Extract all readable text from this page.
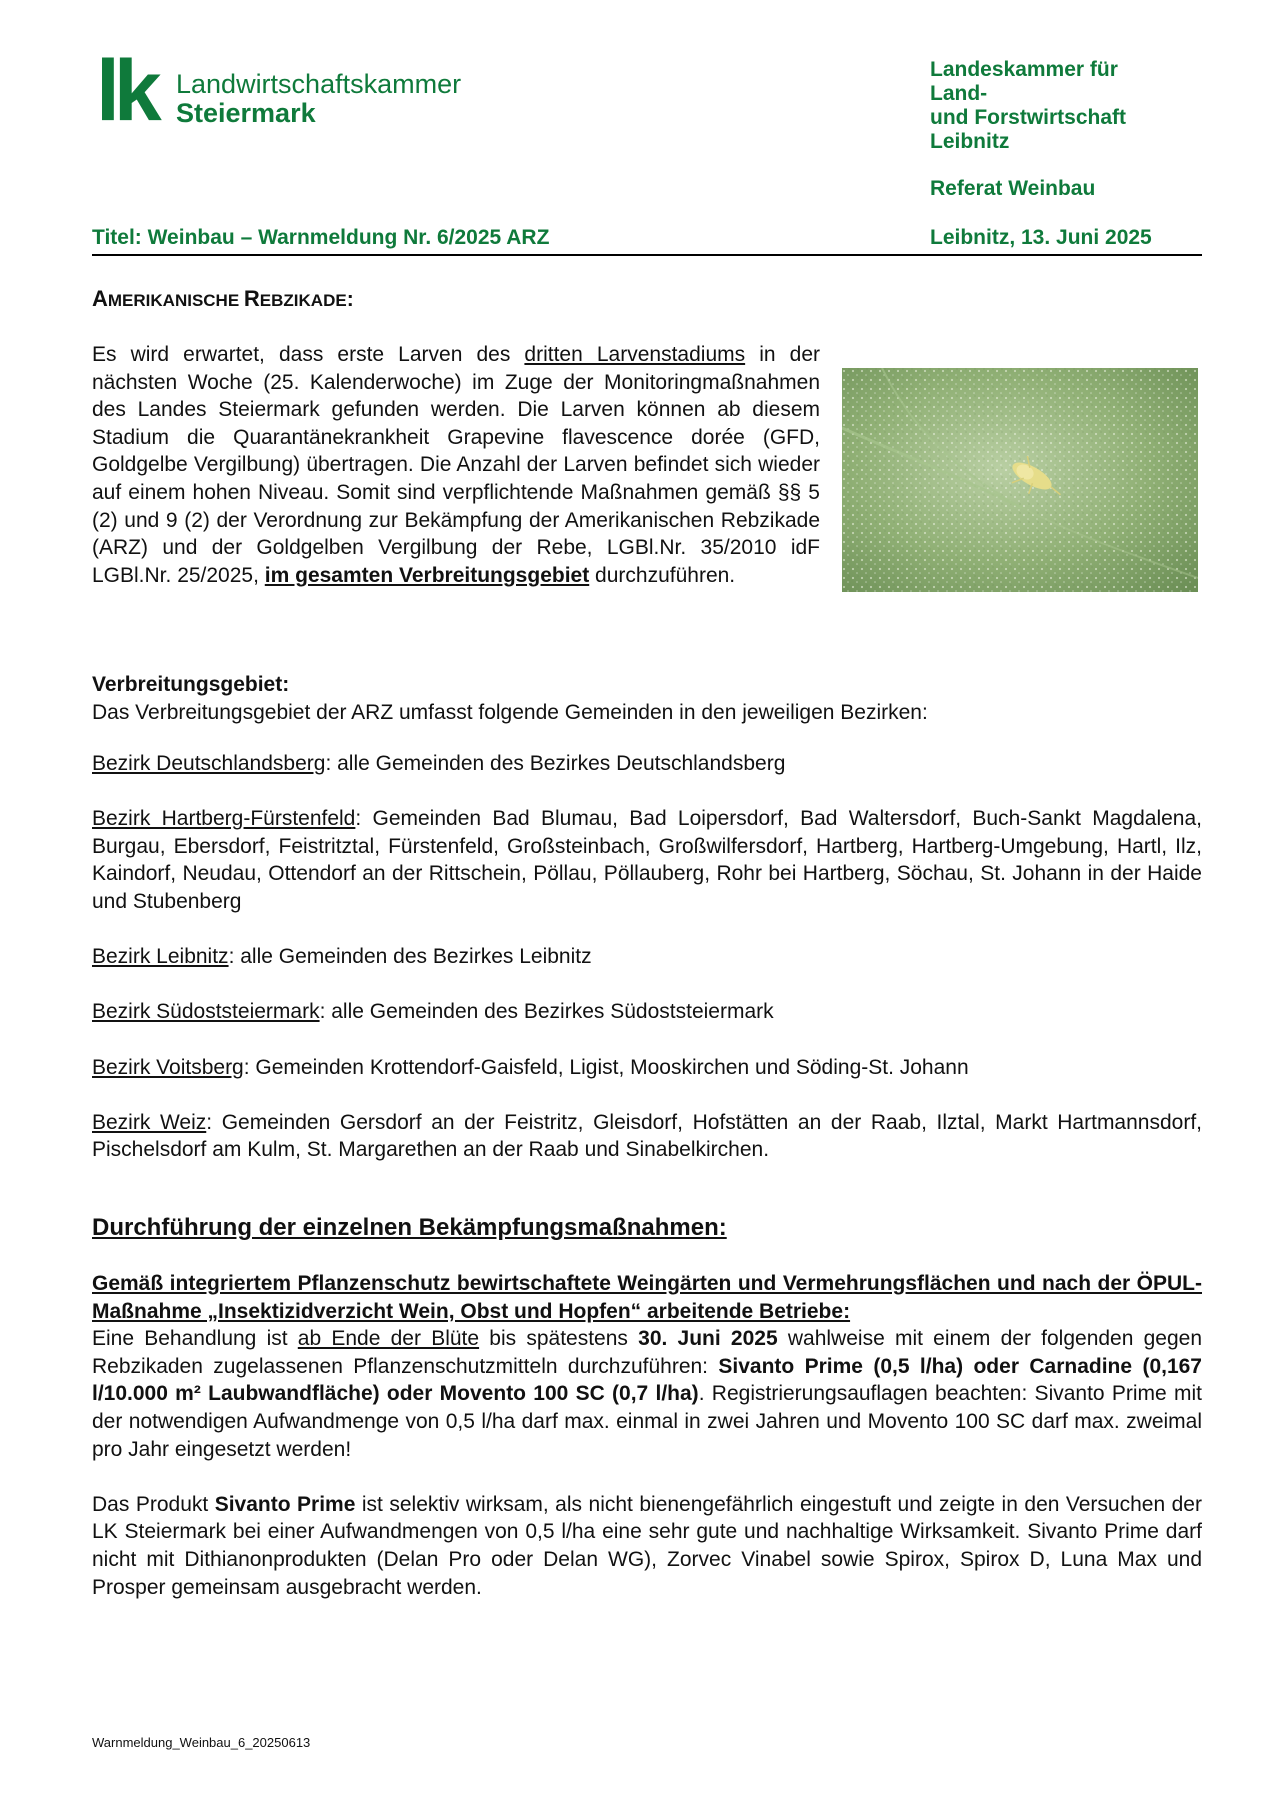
lk Landwirtschaftskammer
Steiermark
Landeskammer für
Land-
und Forstwirtschaft
Leibnitz
Referat Weinbau
Titel: Weinbau – Warnmeldung Nr. 6/2025 ARZ	Leibnitz, 13. Juni 2025
AMERIKANISCHE REBZIKADE:
Es wird erwartet, dass erste Larven des dritten Larvenstadiums in der nächsten Woche (25. Kalenderwoche) im Zuge der Monitoringmaßnahmen des Landes Steiermark gefunden werden. Die Larven können ab diesem Stadium die Quarantänekrankheit Grapevine flavescence dorée (GFD, Goldgelbe Vergilbung) übertragen. Die Anzahl der Larven befindet sich wieder auf einem hohen Niveau. Somit sind verpflichtende Maßnahmen gemäß §§ 5 (2) und 9 (2) der Verordnung zur Bekämpfung der Amerikanischen Rebzikade (ARZ) und der Goldgelben Vergilbung der Rebe, LGBl.Nr. 35/2010 idF LGBl.Nr. 25/2025, im gesamten Verbreitungsgebiet durchzuführen.
Verbreitungsgebiet:
Das Verbreitungsgebiet der ARZ umfasst folgende Gemeinden in den jeweiligen Bezirken:
Bezirk Deutschlandsberg: alle Gemeinden des Bezirkes Deutschlandsberg
Bezirk Hartberg-Fürstenfeld: Gemeinden Bad Blumau, Bad Loipersdorf, Bad Waltersdorf, Buch-Sankt Magdalena, Burgau, Ebersdorf, Feistritztal, Fürstenfeld, Großsteinbach, Großwilfersdorf, Hartberg, Hartberg-Umgebung, Hartl, Ilz, Kaindorf, Neudau, Ottendorf an der Rittschein, Pöllau, Pöllauberg, Rohr bei Hartberg, Söchau, St. Johann in der Haide und Stubenberg
Bezirk Leibnitz: alle Gemeinden des Bezirkes Leibnitz
Bezirk Südoststeiermark: alle Gemeinden des Bezirkes Südoststeiermark
Bezirk Voitsberg: Gemeinden Krottendorf-Gaisfeld, Ligist, Mooskirchen und Söding-St. Johann
Bezirk Weiz: Gemeinden Gersdorf an der Feistritz, Gleisdorf, Hofstätten an der Raab, Ilztal, Markt Hartmannsdorf, Pischelsdorf am Kulm, St. Margarethen an der Raab und Sinabelkirchen.
Durchführung der einzelnen Bekämpfungsmaßnahmen:
Gemäß integriertem Pflanzenschutz bewirtschaftete Weingärten und Vermehrungsflächen und nach der ÖPUL-Maßnahme „Insektizidverzicht Wein, Obst und Hopfen“ arbeitende Betriebe:
Eine Behandlung ist ab Ende der Blüte bis spätestens 30. Juni 2025 wahlweise mit einem der folgenden gegen Rebzikaden zugelassenen Pflanzenschutzmitteln durchzuführen: Sivanto Prime (0,5 l/ha) oder Carnadine (0,167 l/10.000 m² Laubwandfläche) oder Movento 100 SC (0,7 l/ha). Registrierungsauflagen beachten: Sivanto Prime mit der notwendigen Aufwandmenge von 0,5 l/ha darf max. einmal in zwei Jahren und Movento 100 SC darf max. zweimal pro Jahr eingesetzt werden!
Das Produkt Sivanto Prime ist selektiv wirksam, als nicht bienengefährlich eingestuft und zeigte in den Versuchen der LK Steiermark bei einer Aufwandmengen von 0,5 l/ha eine sehr gute und nachhaltige Wirksamkeit. Sivanto Prime darf nicht mit Dithianonprodukten (Delan Pro oder Delan WG), Zorvec Vinabel sowie Spirox, Spirox D, Luna Max und Prosper gemeinsam ausgebracht werden.
Warnmeldung_Weinbau_6_20250613
